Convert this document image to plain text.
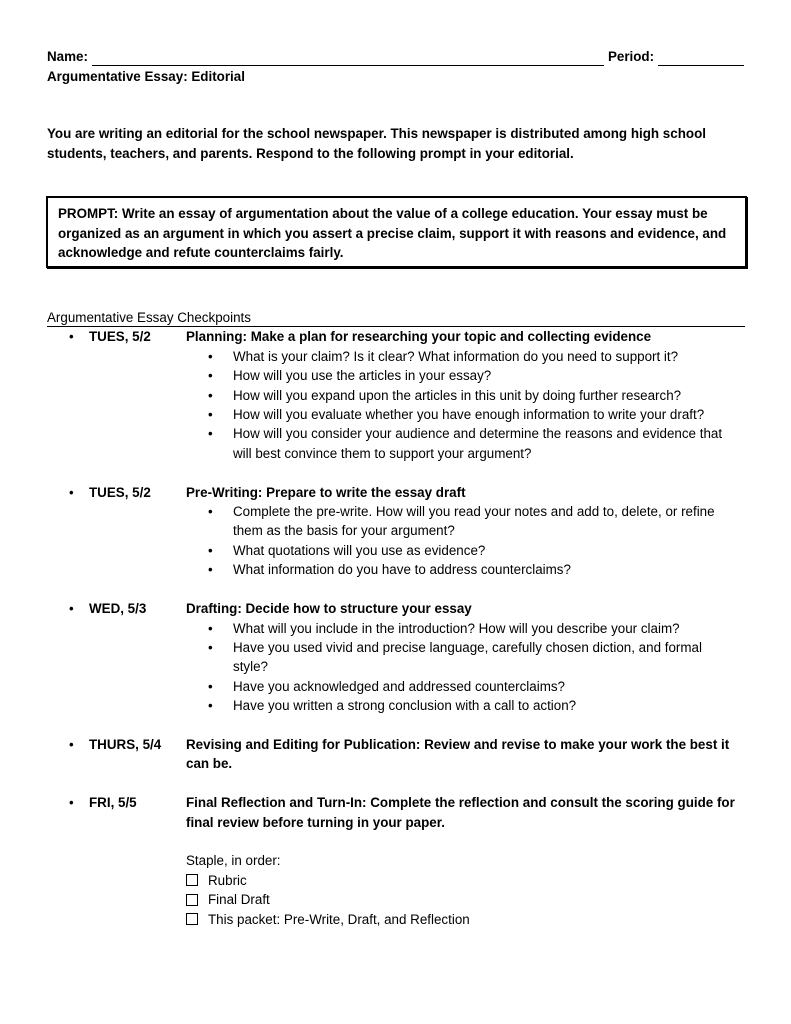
Name:	Period:
Argumentative Essay: Editorial
You are writing an editorial for the school newspaper. This newspaper is distributed among high school students, teachers, and parents. Respond to the following prompt in your editorial.
PROMPT: Write an essay of argumentation about the value of a college education. Your essay must be organized as an argument in which you assert a precise claim, support it with reasons and evidence, and acknowledge and refute counterclaims fairly.
Argumentative Essay Checkpoints
•	TUES, 5/2	Planning: Make a plan for researching your topic and collecting evidence
•	What is your claim? Is it clear? What information do you need to support it?
•	How will you use the articles in your essay?
•	How will you expand upon the articles in this unit by doing further research?
•	How will you evaluate whether you have enough information to write your draft?
•	How will you consider your audience and determine the reasons and evidence that will best convince them to support your argument?
•	TUES, 5/2	Pre-Writing: Prepare to write the essay draft
•	Complete the pre-write. How will you read your notes and add to, delete, or refine them as the basis for your argument?
•	What quotations will you use as evidence?
•	What information do you have to address counterclaims?
•	WED, 5/3	Drafting: Decide how to structure your essay
•	What will you include in the introduction? How will you describe your claim?
•	Have you used vivid and precise language, carefully chosen diction, and formal style?
•	Have you acknowledged and addressed counterclaims?
•	Have you written a strong conclusion with a call to action?
•	THURS, 5/4	Revising and Editing for Publication: Review and revise to make your work the best it can be.
•	FRI, 5/5	Final Reflection and Turn-In: Complete the reflection and consult the scoring guide for final review before turning in your paper.
Staple, in order:
Rubric
Final Draft
This packet: Pre-Write, Draft, and Reflection
